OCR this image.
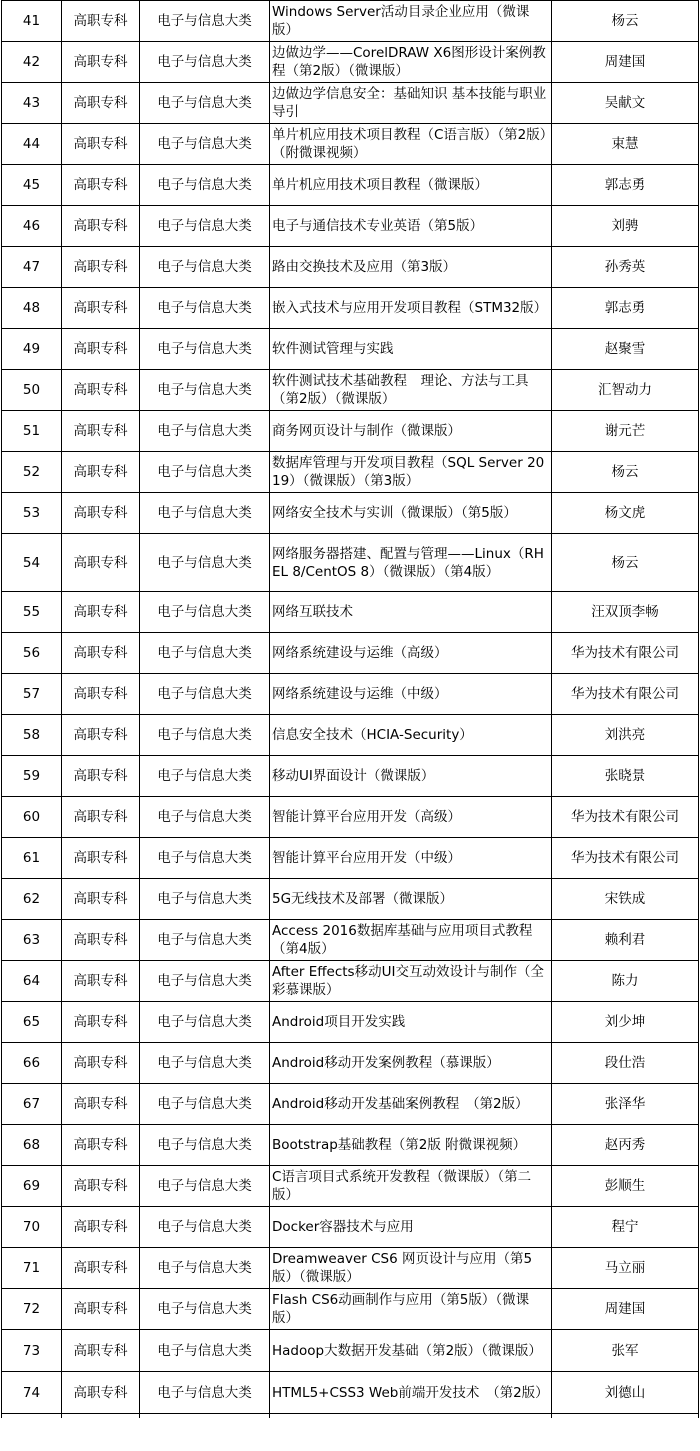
41	高职专科	电子与信息大类	Windows Server活动目录企业应用（微课版）	杨云
42	高职专科	电子与信息大类	边做边学——CorelDRAW X6图形设计案例教程（第2版）（微课版）	周建国
43	高职专科	电子与信息大类	边做边学信息安全：基础知识 基本技能与职业导引	吴献文
44	高职专科	电子与信息大类	单片机应用技术项目教程（C语言版）（第2版）（附微课视频）	束慧
45	高职专科	电子与信息大类	单片机应用技术项目教程（微课版）	郭志勇
46	高职专科	电子与信息大类	电子与通信技术专业英语（第5版）	刘骋
47	高职专科	电子与信息大类	路由交换技术及应用（第3版）	孙秀英
48	高职专科	电子与信息大类	嵌入式技术与应用开发项目教程（STM32版）	郭志勇
49	高职专科	电子与信息大类	软件测试管理与实践	赵聚雪
50	高职专科	电子与信息大类	软件测试技术基础教程　理论、方法与工具（第2版）（微课版）	汇智动力
51	高职专科	电子与信息大类	商务网页设计与制作（微课版）	谢元芒
52	高职专科	电子与信息大类	数据库管理与开发项目教程（SQL Server 2019）（微课版）（第3版）	杨云
53	高职专科	电子与信息大类	网络安全技术与实训（微课版）（第5版）	杨文虎
54	高职专科	电子与信息大类	网络服务器搭建、配置与管理——Linux（RHEL 8/CentOS 8）（微课版）（第4版）	杨云
55	高职专科	电子与信息大类	网络互联技术	汪双顶李畅
56	高职专科	电子与信息大类	网络系统建设与运维（高级）	华为技术有限公司
57	高职专科	电子与信息大类	网络系统建设与运维（中级）	华为技术有限公司
58	高职专科	电子与信息大类	信息安全技术（HCIA-Security）	刘洪亮
59	高职专科	电子与信息大类	移动UI界面设计（微课版）	张晓景
60	高职专科	电子与信息大类	智能计算平台应用开发（高级）	华为技术有限公司
61	高职专科	电子与信息大类	智能计算平台应用开发（中级）	华为技术有限公司
62	高职专科	电子与信息大类	5G无线技术及部署（微课版）	宋铁成
63	高职专科	电子与信息大类	Access 2016数据库基础与应用项目式教程（第4版）	赖利君
64	高职专科	电子与信息大类	After Effects移动UI交互动效设计与制作（全彩慕课版）	陈力
65	高职专科	电子与信息大类	Android项目开发实践	刘少坤
66	高职专科	电子与信息大类	Android移动开发案例教程（慕课版）	段仕浩
67	高职专科	电子与信息大类	Android移动开发基础案例教程　（第2版）	张泽华
68	高职专科	电子与信息大类	Bootstrap基础教程（第2版 附微课视频）	赵丙秀
69	高职专科	电子与信息大类	C语言项目式系统开发教程（微课版）（第二版）	彭顺生
70	高职专科	电子与信息大类	Docker容器技术与应用	程宁
71	高职专科	电子与信息大类	Dreamweaver CS6 网页设计与应用（第5版）（微课版）	马立丽
72	高职专科	电子与信息大类	Flash CS6动画制作与应用（第5版）（微课版）	周建国
73	高职专科	电子与信息大类	Hadoop大数据开发基础（第2版）（微课版）	张军
74	高职专科	电子与信息大类	HTML5+CSS3 Web前端开发技术　（第2版）	刘德山
